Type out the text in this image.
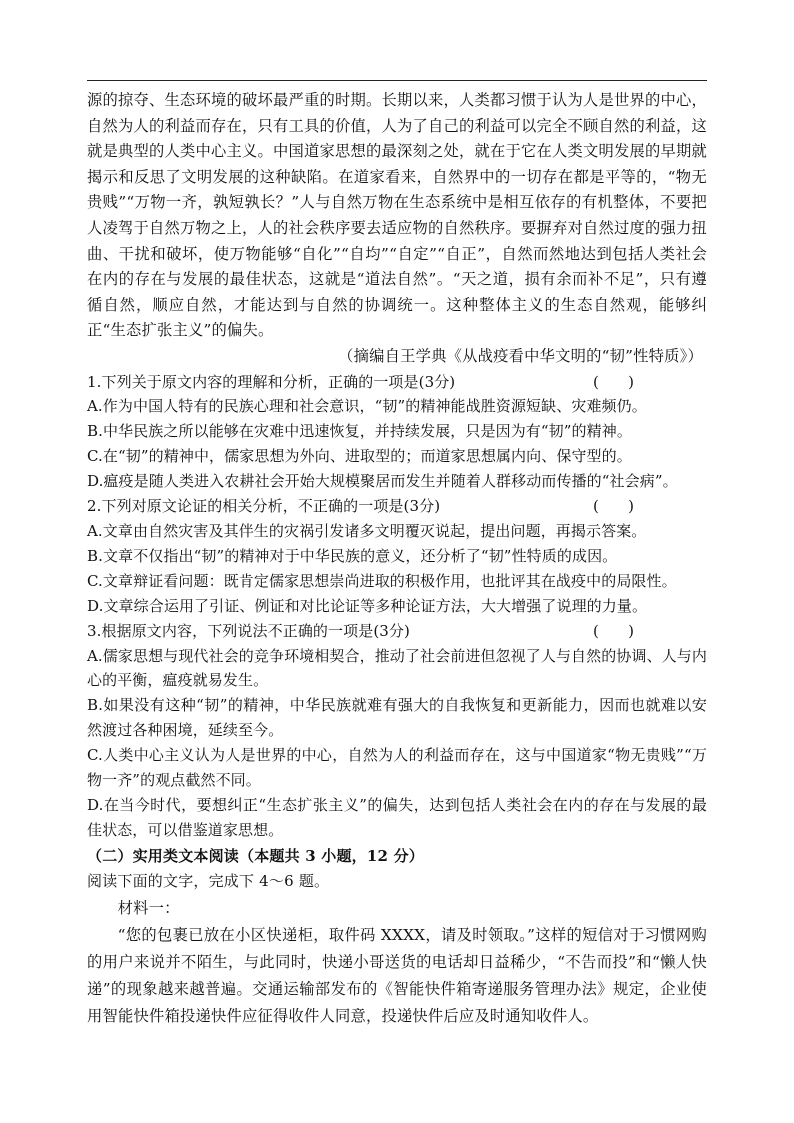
源的掠夺、生态环境的破坏最严重的时期。长期以来，人类都习惯于认为人是世界的中心，自然为人的利益而存在，只有工具的价值，人为了自己的利益可以完全不顾自然的利益，这就是典型的人类中心主义。中国道家思想的最深刻之处，就在于它在人类文明发展的早期就揭示和反思了文明发展的这种缺陷。在道家看来，自然界中的一切存在都是平等的，“物无贵贱”“万物一齐，孰短孰长？”人与自然万物在生态系统中是相互依存的有机整体，不要把人凌驾于自然万物之上，人的社会秩序要去适应物的自然秩序。要摒弃对自然过度的强力扭曲、干扰和破坏，使万物能够“自化”“自均”“自定”“自正”，自然而然地达到包括人类社会在内的存在与发展的最佳状态，这就是“道法自然”。“天之道，损有余而补不足”，只有遵循自然，顺应自然，才能达到与自然的协调统一。这种整体主义的生态自然观，能够纠正“生态扩张主义”的偏失。

（摘编自王学典《从战疫看中华文明的“韧”性特质》）

1.下列关于原文内容的理解和分析，正确的一项是(3分)	(      )

A.作为中国人特有的民族心理和社会意识，“韧”的精神能战胜资源短缺、灾难频仍。

B.中华民族之所以能够在灾难中迅速恢复，并持续发展，只是因为有“韧”的精神。

C.在“韧”的精神中，儒家思想为外向、进取型的；而道家思想属内向、保守型的。

D.瘟疫是随人类进入农耕社会开始大规模聚居而发生并随着人群移动而传播的“社会病”。

2.下列对原文论证的相关分析，不正确的一项是(3分)	(      )

A.文章由自然灾害及其伴生的灾祸引发诸多文明覆灭说起，提出问题，再揭示答案。

B.文章不仅指出“韧”的精神对于中华民族的意义，还分析了“韧”性特质的成因。

C.文章辩证看问题：既肯定儒家思想崇尚进取的积极作用，也批评其在战疫中的局限性。

D.文章综合运用了引证、例证和对比论证等多种论证方法，大大增强了说理的力量。

3.根据原文内容，下列说法不正确的一项是(3分)	(      )

A.儒家思想与现代社会的竞争环境相契合，推动了社会前进但忽视了人与自然的协调、人与内心的平衡，瘟疫就易发生。

B.如果没有这种“韧”的精神，中华民族就难有强大的自我恢复和更新能力，因而也就难以安然渡过各种困境，延续至今。

C.人类中心主义认为人是世界的中心，自然为人的利益而存在，这与中国道家“物无贵贱”“万物一齐”的观点截然不同。

D.在当今时代，要想纠正“生态扩张主义”的偏失，达到包括人类社会在内的存在与发展的最佳状态，可以借鉴道家思想。

（二）实用类文本阅读（本题共 3 小题，12 分）

阅读下面的文字，完成下 4～6 题。

材料一：

“您的包裹已放在小区快递柜，取件码 XXXX，请及时领取。”这样的短信对于习惯网购的用户来说并不陌生，与此同时，快递小哥送货的电话却日益稀少，“不告而投”和“懒人快递”的现象越来越普遍。交通运输部发布的《智能快件箱寄递服务管理办法》规定，企业使用智能快件箱投递快件应征得收件人同意，投递快件后应及时通知收件人。
